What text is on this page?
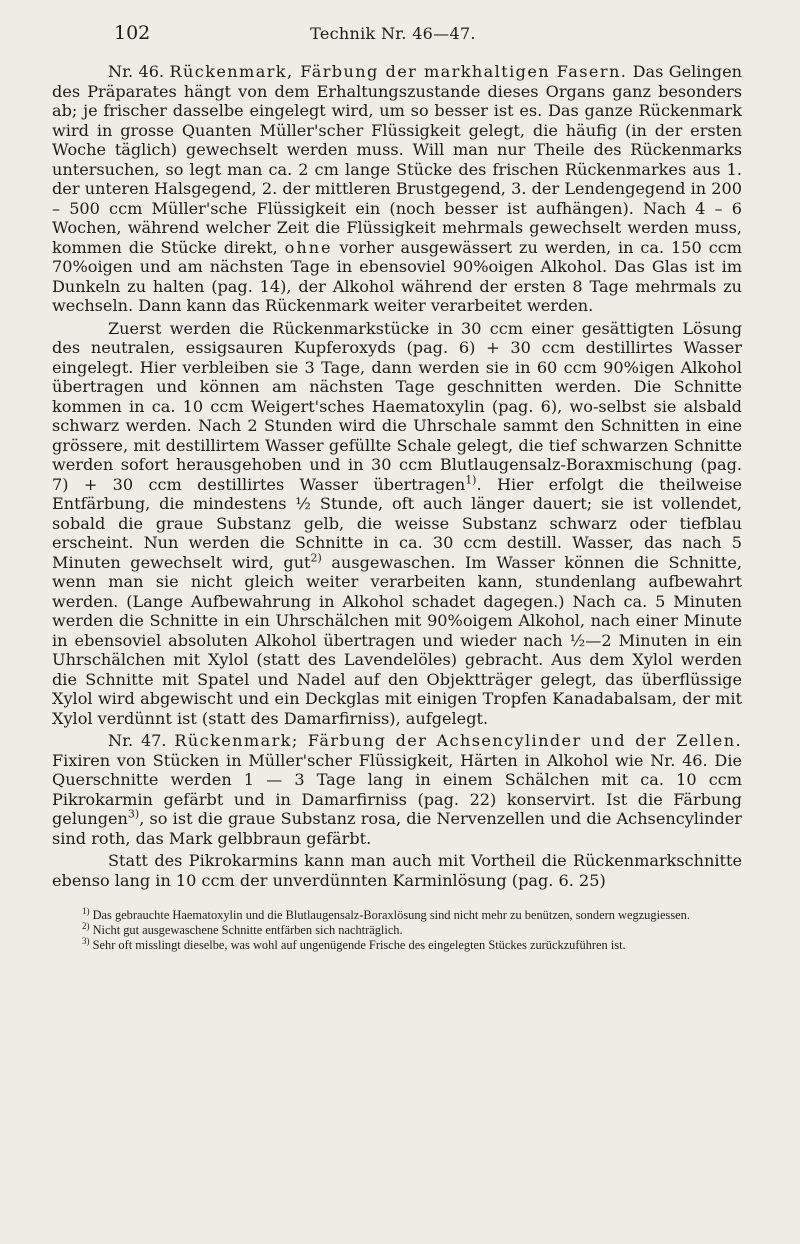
102	Technik Nr. 46—47.

Nr. 46. Rückenmark, Färbung der markhaltigen Fasern. Das Gelingen des Präparates hängt von dem Erhaltungszustande dieses Organs ganz besonders ab; je frischer dasselbe eingelegt wird, um so besser ist es. Das ganze Rückenmark wird in grosse Quanten Müller'scher Flüssigkeit gelegt, die häufig (in der ersten Woche täglich) gewechselt werden muss. Will man nur Theile des Rückenmarks untersuchen, so legt man ca. 2 cm lange Stücke des frischen Rückenmarkes aus 1. der unteren Halsgegend, 2. der mittleren Brustgegend, 3. der Lendengegend in 200 – 500 ccm Müller'sche Flüssigkeit ein (noch besser ist aufhängen). Nach 4 – 6 Wochen, während welcher Zeit die Flüssigkeit mehrmals gewechselt werden muss, kommen die Stücke direkt, ohne vorher ausgewässert zu werden, in ca. 150 ccm 70%oigen und am nächsten Tage in ebensoviel 90%oigen Alkohol. Das Glas ist im Dunkeln zu halten (pag. 14), der Alkohol während der ersten 8 Tage mehrmals zu wechseln. Dann kann das Rückenmark weiter verarbeitet werden.

Zuerst werden die Rückenmarkstücke in 30 ccm einer gesättigten Lösung des neutralen, essigsauren Kupferoxyds (pag. 6) + 30 ccm destillirtes Wasser eingelegt. Hier verbleiben sie 3 Tage, dann werden sie in 60 ccm 90%igen Alkohol übertragen und können am nächsten Tage geschnitten werden. Die Schnitte kommen in ca. 10 ccm Weigert'sches Haematoxylin (pag. 6), wo-selbst sie alsbald schwarz werden. Nach 2 Stunden wird die Uhrschale sammt den Schnitten in eine grössere, mit destillirtem Wasser gefüllte Schale gelegt, die tief schwarzen Schnitte werden sofort herausgehoben und in 30 ccm Blutlaugensalz-Boraxmischung (pag. 7) + 30 ccm destillirtes Wasser übertragen$^{1)}$. Hier erfolgt die theilweise Entfärbung, die mindestens ½ Stunde, oft auch länger dauert; sie ist vollendet, sobald die graue Substanz gelb, die weisse Substanz schwarz oder tiefblau erscheint. Nun werden die Schnitte in ca. 30 ccm destill. Wasser, das nach 5 Minuten gewechselt wird, gut$^{2)}$ ausgewaschen. Im Wasser können die Schnitte, wenn man sie nicht gleich weiter verarbeiten kann, stundenlang aufbewahrt werden. (Lange Aufbewahrung in Alkohol schadet dagegen.) Nach ca. 5 Minuten werden die Schnitte in ein Uhrschälchen mit 90%oigem Alkohol, nach einer Minute in ebensoviel absoluten Alkohol übertragen und wieder nach ½—2 Minuten in ein Uhrschälchen mit Xylol (statt des Lavendelöles) gebracht. Aus dem Xylol werden die Schnitte mit Spatel und Nadel auf den Objektträger gelegt, das überflüssige Xylol wird abgewischt und ein Deckglas mit einigen Tropfen Kanadabalsam, der mit Xylol verdünnt ist (statt des Damarfirniss), aufgelegt.

Nr. 47. Rückenmark; Färbung der Achsencylinder und der Zellen. Fixiren von Stücken in Müller'scher Flüssigkeit, Härten in Alkohol wie Nr. 46. Die Querschnitte werden 1 — 3 Tage lang in einem Schälchen mit ca. 10 ccm Pikrokarmin gefärbt und in Damarfirniss (pag. 22) konservirt. Ist die Färbung gelungen$^{3)}$, so ist die graue Substanz rosa, die Nervenzellen und die Achsencylinder sind roth, das Mark gelbbraun gefärbt.

Statt des Pikrokarmins kann man auch mit Vortheil die Rückenmarkschnitte ebenso lang in 10 ccm der unverdünnten Karminlösung (pag. 6. 25)

$^{1)}$ Das gebrauchte Haematoxylin und die Blutlaugensalz-Boraxlösung sind nicht mehr zu benützen, sondern wegzugiessen.
$^{2)}$ Nicht gut ausgewaschene Schnitte entfärben sich nachträglich.
$^{3)}$ Sehr oft misslingt dieselbe, was wohl auf ungenügende Frische des eingelegten Stückes zurückzuführen ist.
